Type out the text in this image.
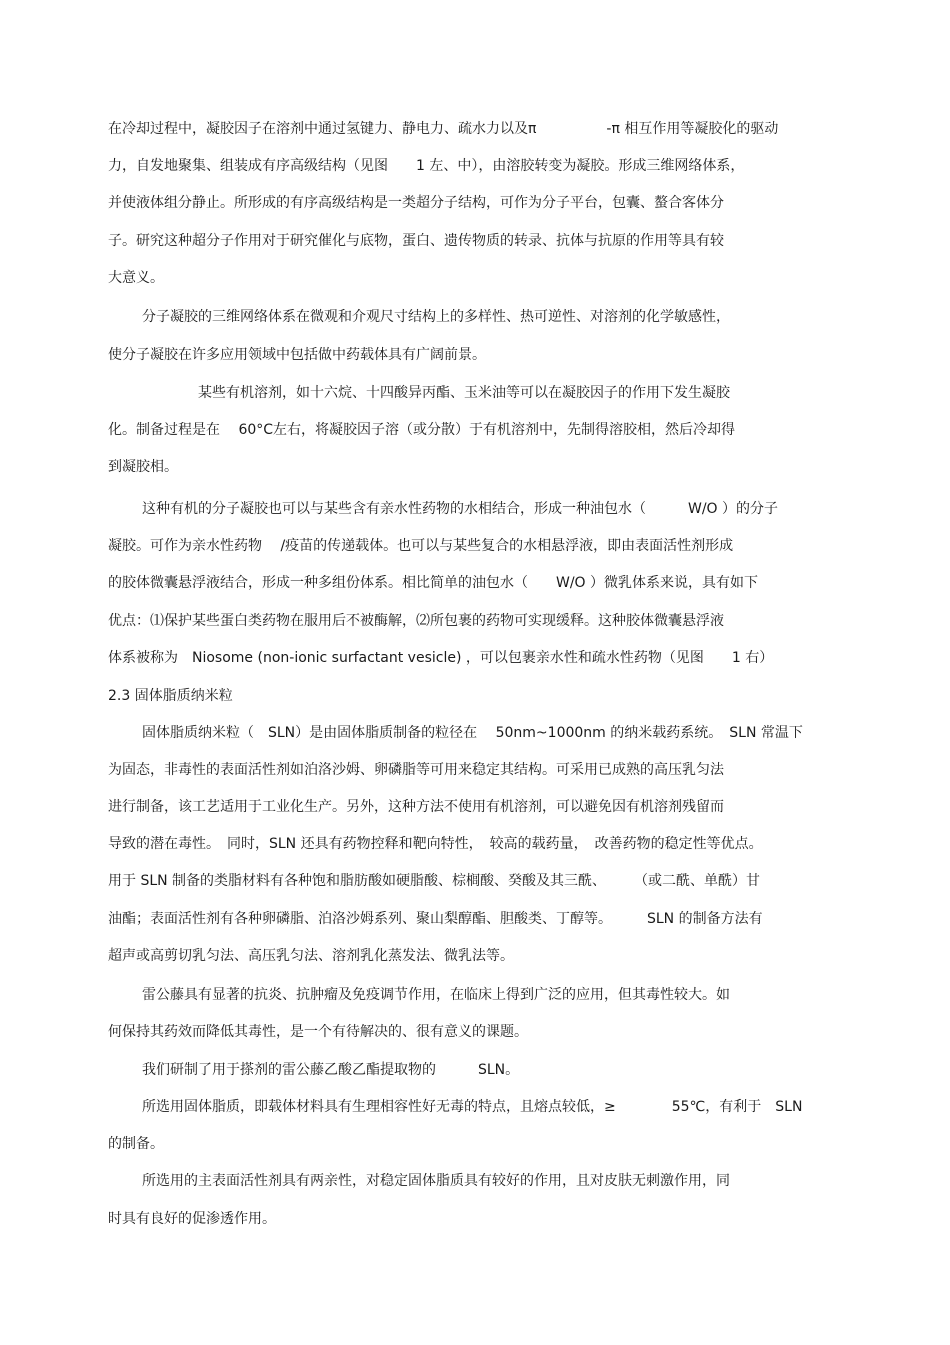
在冷却过程中，凝胶因子在溶剂中通过氢键力、静电力、疏水力以及π　　　　　-π 相互作用等凝胶化的驱动
力，自发地聚集、组装成有序高级结构（见图　　1 左、中），由溶胶转变为凝胶。形成三维网络体系，
并使液体组分静止。所形成的有序高级结构是一类超分子结构，可作为分子平台，包囊、螯合客体分
子。研究这种超分子作用对于研究催化与底物，蛋白、遗传物质的转录、抗体与抗原的作用等具有较
大意义。
分子凝胶的三维网络体系在微观和介观尺寸结构上的多样性、热可逆性、对溶剂的化学敏感性，
使分子凝胶在许多应用领域中包括做中药载体具有广阔前景。
某些有机溶剂，如十六烷、十四酸异丙酯、玉米油等可以在凝胶因子的作用下发生凝胶
化。制备过程是在　 60°C左右，将凝胶因子溶（或分散）于有机溶剂中，先制得溶胶相，然后冷却得
到凝胶相。
这种有机的分子凝胶也可以与某些含有亲水性药物的水相结合，形成一种油包水（　　　W/O ）的分子
凝胶。可作为亲水性药物　 /疫苗的传递载体。也可以与某些复合的水相悬浮液，即由表面活性剂形成
的胶体微囊悬浮液结合，形成一种多组份体系。相比简单的油包水（　　W/O ）微乳体系来说，具有如下
优点：⑴保护某些蛋白类药物在服用后不被酶解，⑵所包裹的药物可实现缓释。这种胶体微囊悬浮液
体系被称为　Niosome (non-ionic surfactant vesicle) ，可以包裹亲水性和疏水性药物（见图　　1 右）
2.3 固体脂质纳米粒
固体脂质纳米粒（　SLN）是由固体脂质制备的粒径在　 50nm~1000nm 的纳米载药系统。　SLN 常温下
为固态，非毒性的表面活性剂如泊洛沙姆、卵磷脂等可用来稳定其结构。可采用已成熟的高压乳匀法
进行制备，该工艺适用于工业化生产。另外，这种方法不使用有机溶剂，可以避免因有机溶剂残留而
导致的潜在毒性。　同时，SLN 还具有药物控释和靶向特性，　较高的载药量，　改善药物的稳定性等优点。
用于 SLN 制备的类脂材料有各种饱和脂肪酸如硬脂酸、棕榈酸、癸酸及其三酰、　　　（或二酰、单酰）甘
油酯；表面活性剂有各种卵磷脂、泊洛沙姆系列、聚山梨醇酯、胆酸类、丁醇等。　　　SLN 的制备方法有
超声或高剪切乳匀法、高压乳匀法、溶剂乳化蒸发法、微乳法等。
雷公藤具有显著的抗炎、抗肿瘤及免疫调节作用，在临床上得到广泛的应用，但其毒性较大。如
何保持其药效而降低其毒性，是一个有待解决的、很有意义的课题。
我们研制了用于搽剂的雷公藤乙酸乙酯提取物的　　　SLN。
所选用固体脂质，即载体材料具有生理相容性好无毒的特点，且熔点较低，≥　　　　55℃，有利于　SLN
的制备。
所选用的主表面活性剂具有两亲性，对稳定固体脂质具有较好的作用，且对皮肤无刺激作用，同
时具有良好的促渗透作用。
